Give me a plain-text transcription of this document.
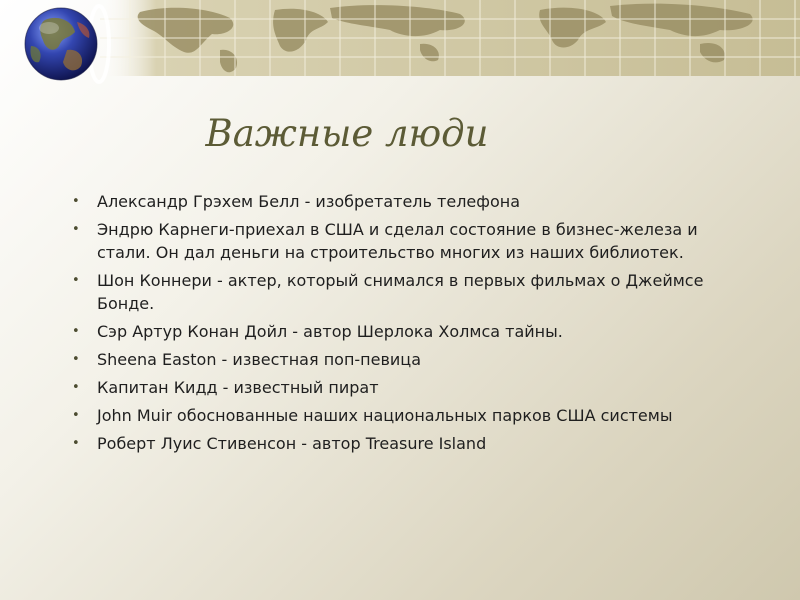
Важные люди
• Александр Грэхем Белл - изобретатель телефона
• Эндрю Карнеги-приехал в США и сделал состояние в бизнес-железа и стали. Он дал деньги на строительство многих из наших библиотек.
• Шон Коннери - актер, который снимался в первых фильмах о Джеймсе Бонде.
• Сэр Артур Конан Дойл - автор Шерлока Холмса тайны.
• Sheena Easton - известная поп-певица
• Капитан Кидд - известный пират
• John Muir обоснованные наших национальных парков США системы
• Роберт Луис Стивенсон - автор Treasure Island
